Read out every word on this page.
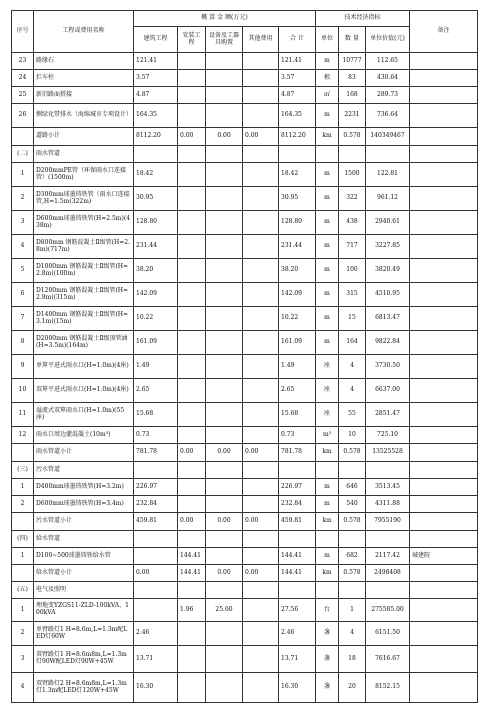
序号	工程或费用名称	概 算 金 额(万元)					技术经济指标			备注
		建筑工程	安装工程	设备及工器具购置	其他费用	合 计	单位	数 量	单位价值(元)	
23	路缘石	121.41				121.41	m	10777	112.65	
24	拦车柱	3.57				3.57	根	83	430.64	
25	新旧路面搭接	4.87				4.87	㎡	168	289.73	
26	侧绿化带排水（海绵城市专项设计）	164.35				164.35	m	2231	736.64	
	道路小计	8112.20	0.00	0.00	0.00	8112.20	km	0.578	140349467	
(二)	雨水管道									
1	D200mmPE管（环保雨水口连接管）(1500m)	18.42				18.42	m	1500	122.81	
2	D300mm球墨铸铁管（雨水口连接管,H=1.5m(322m)	30.95				30.95	m	322	961.12	
3	D600mm球墨铸铁管(H=2.5m)(438m)	128.80				128.80	m	438	2940.61	
4	D800mm 钢筋混凝土Ⅱ级管(H=2.8m)(717m)	231.44				231.44	m	717	3227.85	
5	D1000mm 钢筋混凝土Ⅱ级管(H=2.8m)(100m)	38.20				38.20	m	100	3820.49	
6	D1200mm 钢筋混凝土Ⅱ级管(H=2.9m)(315m)	142.09				142.09	m	315	4510.95	
7	D1400mm 钢筋混凝土Ⅱ级管(H=3.1m)(15m)	10.22				10.22	m	15	6813.47	
8	D2000mm 钢筋混凝土Ⅱ级顶管涵(H=3.5m)(164m)	161.09				161.09	m	164	9822.84	
9	单箅平进式雨水口(H=1.0m)(4座)	1.49				1.49	座	4	3730.50	
10	双箅平进式雨水口(H=1.0m)(4座)	2.65				2.65	座	4	6637.00	
11	溢流式双箅雨水口(H=1.0m)(55座)	15.68				15.68	座	55	2851.47	
12	雨水口周边灌混凝土(10m³)	0.73				0.73	m³	10	725.10	
	雨水管道小计	781.78	0.00	0.00	0.00	781.78	km	0.578	13525528	
(三)	污水管道									
1	D400mm球墨铸铁管(H=3.2m)	226.97				226.97	m	646	3513.45	
2	D600mm球墨铸铁管(H=3.4m)	232.84				232.84	m	540	4311.88	
	污水管道小计	459.81	0.00	0.00	0.00	459.81	km	0.578	7955190	
(四)	给水管道									
1	D100~500球墨铸铁给水管		144.41			144.41	m	682	2117.42	城建院
	给水管道小计	0.00	144.41	0.00	0.00	144.41	km	0.578	2498408	
(五)	电气及照明									
1	埋地变YZGS11-ZLD-100kVA、100kVA		1.96	25.60		27.56	台	1	275585.00	
2	单臂路灯1 H=8.6m,L=1.3m配LED灯60W	2.46				2.46	盏	4	6151.50	
3	双臂路灯1 H=8.6m8m,L=1.3m灯90W配LED灯90W+45W	13.71				13.71	盏	18	7616.67	
4	双臂路灯2 H=8.6m8m,L=1.3m灯1.3m配LED灯120W+45W	16.30				16.30	盏	20	8152.15	
